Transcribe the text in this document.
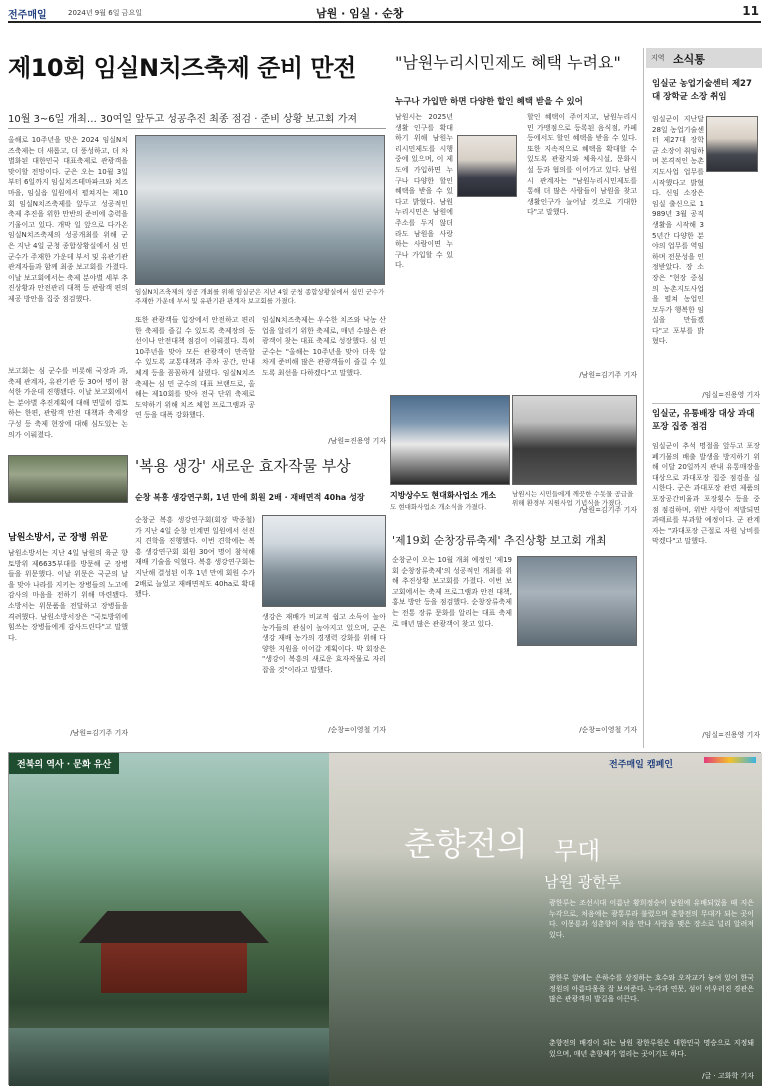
전주매일	2024년 9월 6일 금요일	남원 · 임실 · 순창	11
제10회 임실N치즈축제 준비 만전
10월 3~6일 개최… 30여일 앞두고 성공추진 최종 점검 · 준비 상황 보고회 가져
올해로 10주년을 맞은 2024 임실N치즈축제는 더 새롭고, 더 풍성하고, 더 차별화된 대한민국 대표축제로 관광객을 맞이할 전망이다. 군은 오는 10월 3일부터 6일까지 임실치즈테마파크와 치즈마을, 임실읍 일원에서 펼쳐지는 제10회 임실N치즈축제를 앞두고 성공적인 축제 추진을 위한 만반의 준비에 총력을 기울이고 있다. 개막 일 앞으로 다가온 임실N치즈축제의 성공개최를 위해 군은 지난 4일 군청 종합상황실에서 심 민 군수가 주재한 가운데 부서 및 유관기관 관계자들과 함께 최종 보고회를 가졌다. 이날 보고회에서는 축제 분야별 세부 추진상황과 안전관리 대책 등 관람객 편의 제공 방안을 집중 점검했다.
보고회는 심 군수를 비롯해 국장과 과, 축제 관계자, 유관기관 등 30여 명이 참석한 가운데 진행됐다. 이날 보고회에서는 분야별 추진계획에 대해 면밀히 검토하는 한편, 관람객 안전 대책과 축제장 구성 등 축제 현장에 대해 심도있는 논의가 이뤄졌다.
임실N치즈축제의 성공 개최를 위해 임실군은 지난 4일 군청 종합상황실에서 심민 군수가 주재한 가운데 부서 및 유관기관 관계자 보고회를 가졌다.
또한 관광객들 입장에서 안전하고 편리한 축제를 즐길 수 있도록 축제장의 동선이나 안전대책 점검이 이뤄졌다. 특히 10주년을 맞아 모든 관광객이 만족할 수 있도록 교통대책과 주차 공간, 안내 체계 등을 꼼꼼하게 살폈다. 임실N치즈축제는 심 민 군수의 대표 브랜드로, 올해는 제10회를 맞아 전국 단위 축제로 도약하기 위해 치즈 체험 프로그램과 공연 등을 대폭 강화했다.
임실N치즈축제는 우수한 치즈와 낙농 산업을 알리기 위한 축제로, 매년 수많은 관광객이 찾는 대표 축제로 성장했다. 심 민 군수는 "올해는 10주년을 맞아 더욱 알차게 준비해 많은 관광객들이 즐길 수 있도록 최선을 다하겠다"고 말했다.
/남원=진용영 기자
"남원누리시민제도 혜택 누려요"
누구나 가입만 하면 다양한 할인 혜택 받을 수 있어
남원시는 2025년 생활 인구를 확대하기 위해 남원누리시민제도를 시행 중에 있으며, 이 제도에 가입하면 누구나 다양한 할인 혜택을 받을 수 있다고 밝혔다. 남원누리시민은 남원에 주소를 두지 않더라도 남원을 사랑하는 사람이면 누구나 가입할 수 있다.
할인 혜택이 주어지고, 남원누리시민 가맹점으로 등록된 음식점, 카페 등에서도 할인 혜택을 받을 수 있다. 또한 지속적으로 혜택을 확대할 수 있도록 관광지와 체육시설, 문화시설 등과 협의를 이어가고 있다. 남원시 관계자는 "남원누리시민제도를 통해 더 많은 사람들이 남원을 찾고 생활인구가 늘어날 것으로 기대한다"고 말했다.
/남원=김기주 기자
지역 소식통
임실군 농업기술센터 제27대 장학균 소장 취임
임실군이 지난달 28일 농업기술센터 제27대 장학균 소장이 취임하며 본격적인 농촌지도사업 업무를 시작했다고 밝혔다. 신임 소장은 임실 출신으로 1989년 3월 공직 생활을 시작해 35년간 다양한 분야의 업무를 역임하며 전문성을 인정받았다. 장 소장은 "현장 중심의 농촌지도사업을 펼쳐 농업인 모두가 행복한 임실을 만들겠다"고 포부를 밝혔다.
/임실=진용영 기자
임실군, 유통배장 대상 과대포장 집중 점검
임실군이 추석 명절을 앞두고 포장 폐기물의 배출 발생을 방지하기 위해 이달 20일까지 관내 유통매장을 대상으로 과대포장 집중 점검을 실시한다. 군은 과대포장 관련 제품의 포장공간비율과 포장횟수 등을 중점 점검하며, 위반 사항이 적발되면 과태료를 부과할 예정이다. 군 관계자는 "과대포장 근절로 자원 낭비를 막겠다"고 말했다.
/임실=진용영 기자
지방상수도 현대화사업소 개소
도 현대화사업소 개소식을 가졌다.
남원시는 시민들에게 깨끗한 수돗물 공급을 위해 환경부 지원사업 기념식을 가졌다.
/남원=김기주 기자
'복용 생강' 새로운 효자작물 부상
순창 복흥 생강연구회, 1년 만에 회원 2배 · 재배면적 40ha 성장
순창군 복흥 생강연구회(회장 박종철)가 지난 4일 순창 인계면 일원에서 선진지 견학을 진행했다. 이번 견학에는 복흥 생강연구회 회원 30여 명이 참석해 재배 기술을 익혔다. 복흥 생강연구회는 지난해 결성된 이후 1년 만에 회원 수가 2배로 늘었고 재배면적도 40ha로 확대됐다.
생강은 재배가 비교적 쉽고 소득이 높아 농가들의 관심이 높아지고 있으며, 군은 생강 재배 농가의 경쟁력 강화를 위해 다양한 지원을 이어갈 계획이다. 박 회장은 "생강이 복흥의 새로운 효자작물로 자리잡을 것"이라고 말했다.
/순창=이영철 기자
남원소방서, 군 장병 위문
남원소방서는 지난 4일 남원의 육군 향토방위 제6635부대를 방문해 군 장병들을 위문했다. 이날 위문은 국군의 날을 맞아 나라를 지키는 장병들의 노고에 감사의 마음을 전하기 위해 마련됐다. 소방서는 위문품을 전달하고 장병들을 격려했다. 남원소방서장은 "국토방위에 힘쓰는 장병들에게 감사드린다"고 말했다.
/남원=김기주 기자
'제19회 순창장류축제' 추진상황 보고회 개최
순창군이 오는 10월 개최 예정인 '제19회 순창장류축제'의 성공적인 개최를 위해 추진상황 보고회를 가졌다. 이번 보고회에서는 축제 프로그램과 안전 대책, 홍보 방안 등을 점검했다. 순창장류축제는 전통 장류 문화를 알리는 대표 축제로 매년 많은 관광객이 찾고 있다.
/순창=이영철 기자
전북의 역사 · 문화 유산	전주매일 캠페인
춘향전의 무대
남원 광한루
광한루는 조선시대 이름난 황희정승이 남원에 유배되었을 때 지은 누각으로, 처음에는 광통루라 불렸으며 춘향전의 무대가 되는 곳이다. 이몽룡과 성춘향이 처음 만나 사랑을 맺은 장소로 널리 알려져 있다.
광한루 앞에는 은하수를 상징하는 호수와 오작교가 놓여 있어 한국 정원의 아름다움을 잘 보여준다. 누각과 연못, 섬이 어우러진 경관은 많은 관광객의 발길을 이끈다.
춘향전의 배경이 되는 남원 광한루원은 대한민국 명승으로 지정돼 있으며, 매년 춘향제가 열리는 곳이기도 하다.
/글 · 고화학 기자
